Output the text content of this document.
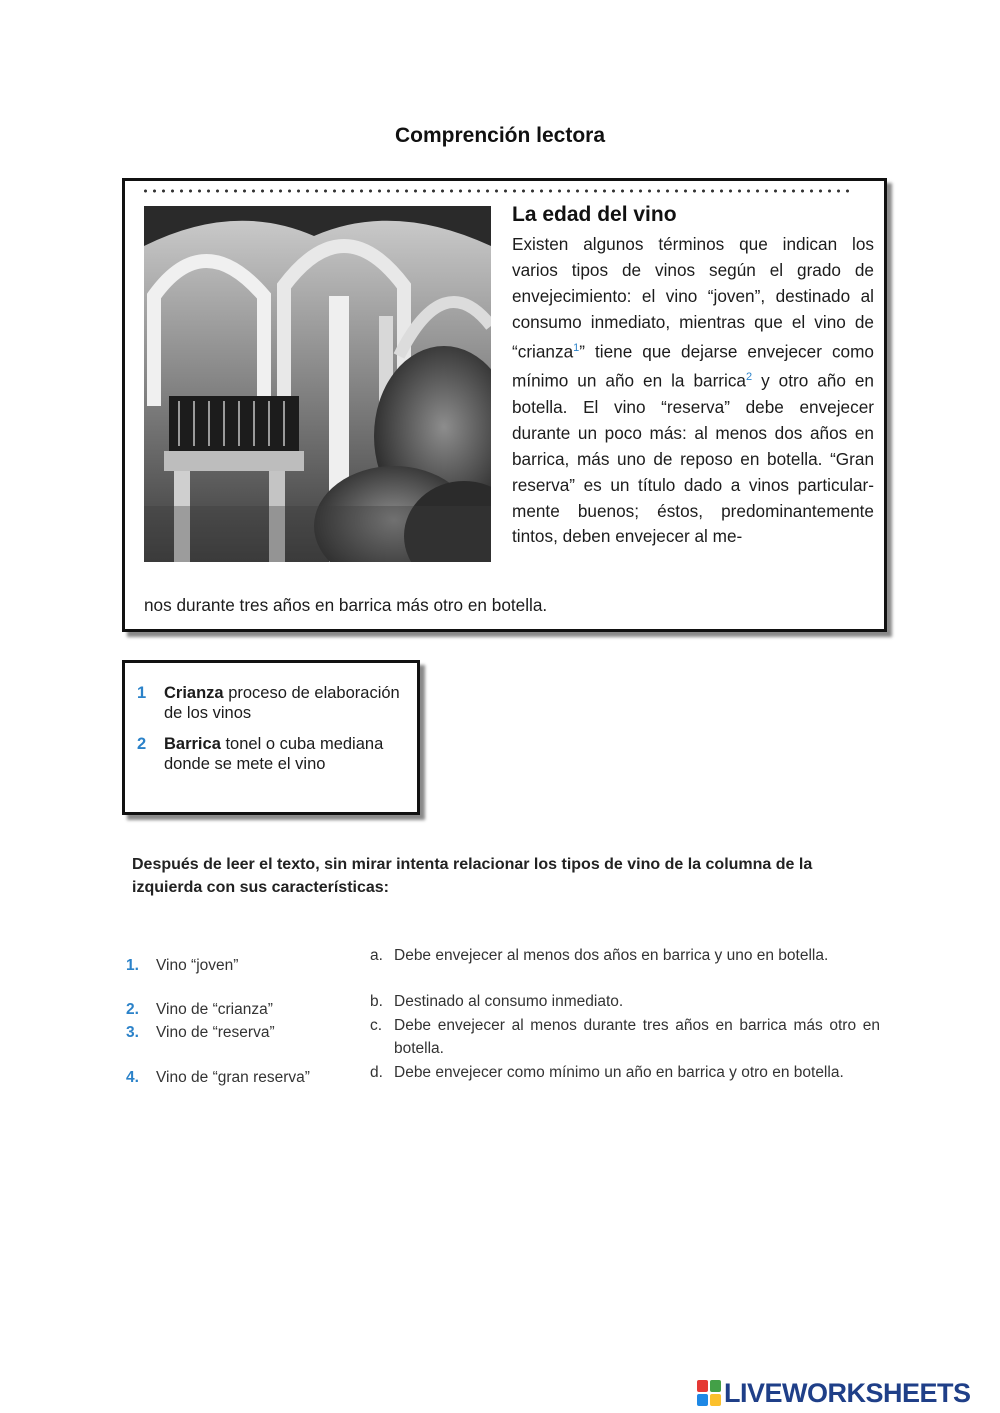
Comprención lectora
La edad del vino

Existen algunos términos que indican los varios tipos de vinos según el grado de envejecimiento: el vino “joven”, destinado al consumo inmediato, mientras que el vino de “crianza$^1$” tiene que dejarse envejecer como mínimo un año en la barrica$^2$ y otro año en botella. El vino “reserva” debe envejecer durante un poco más: al menos dos años en barrica, más uno de reposo en botella. “Gran reserva” es un título dado a vinos particularmente buenos; éstos, predominantemente tintos, deben envejecer al me-

nos durante tres años en barrica más otro en botella.
1 Crianza proceso de elaboración de los vinos
2 Barrica tonel o cuba mediana donde se mete el vino

Después de leer el texto, sin mirar intenta relacionar los tipos de vino de la columna de la izquierda con sus características:

1. Vino “joven”
2. Vino de “crianza”
3. Vino de “reserva”
4. Vino de “gran reserva”
a. Debe envejecer al menos dos años en barrica y uno en botella.
b. Destinado al consumo inmediato.
c. Debe envejecer al menos durante tres años en barrica más otro en botella.
d. Debe envejecer como mínimo un año en barrica y otro en botella.
LIVEWORKSHEETS
